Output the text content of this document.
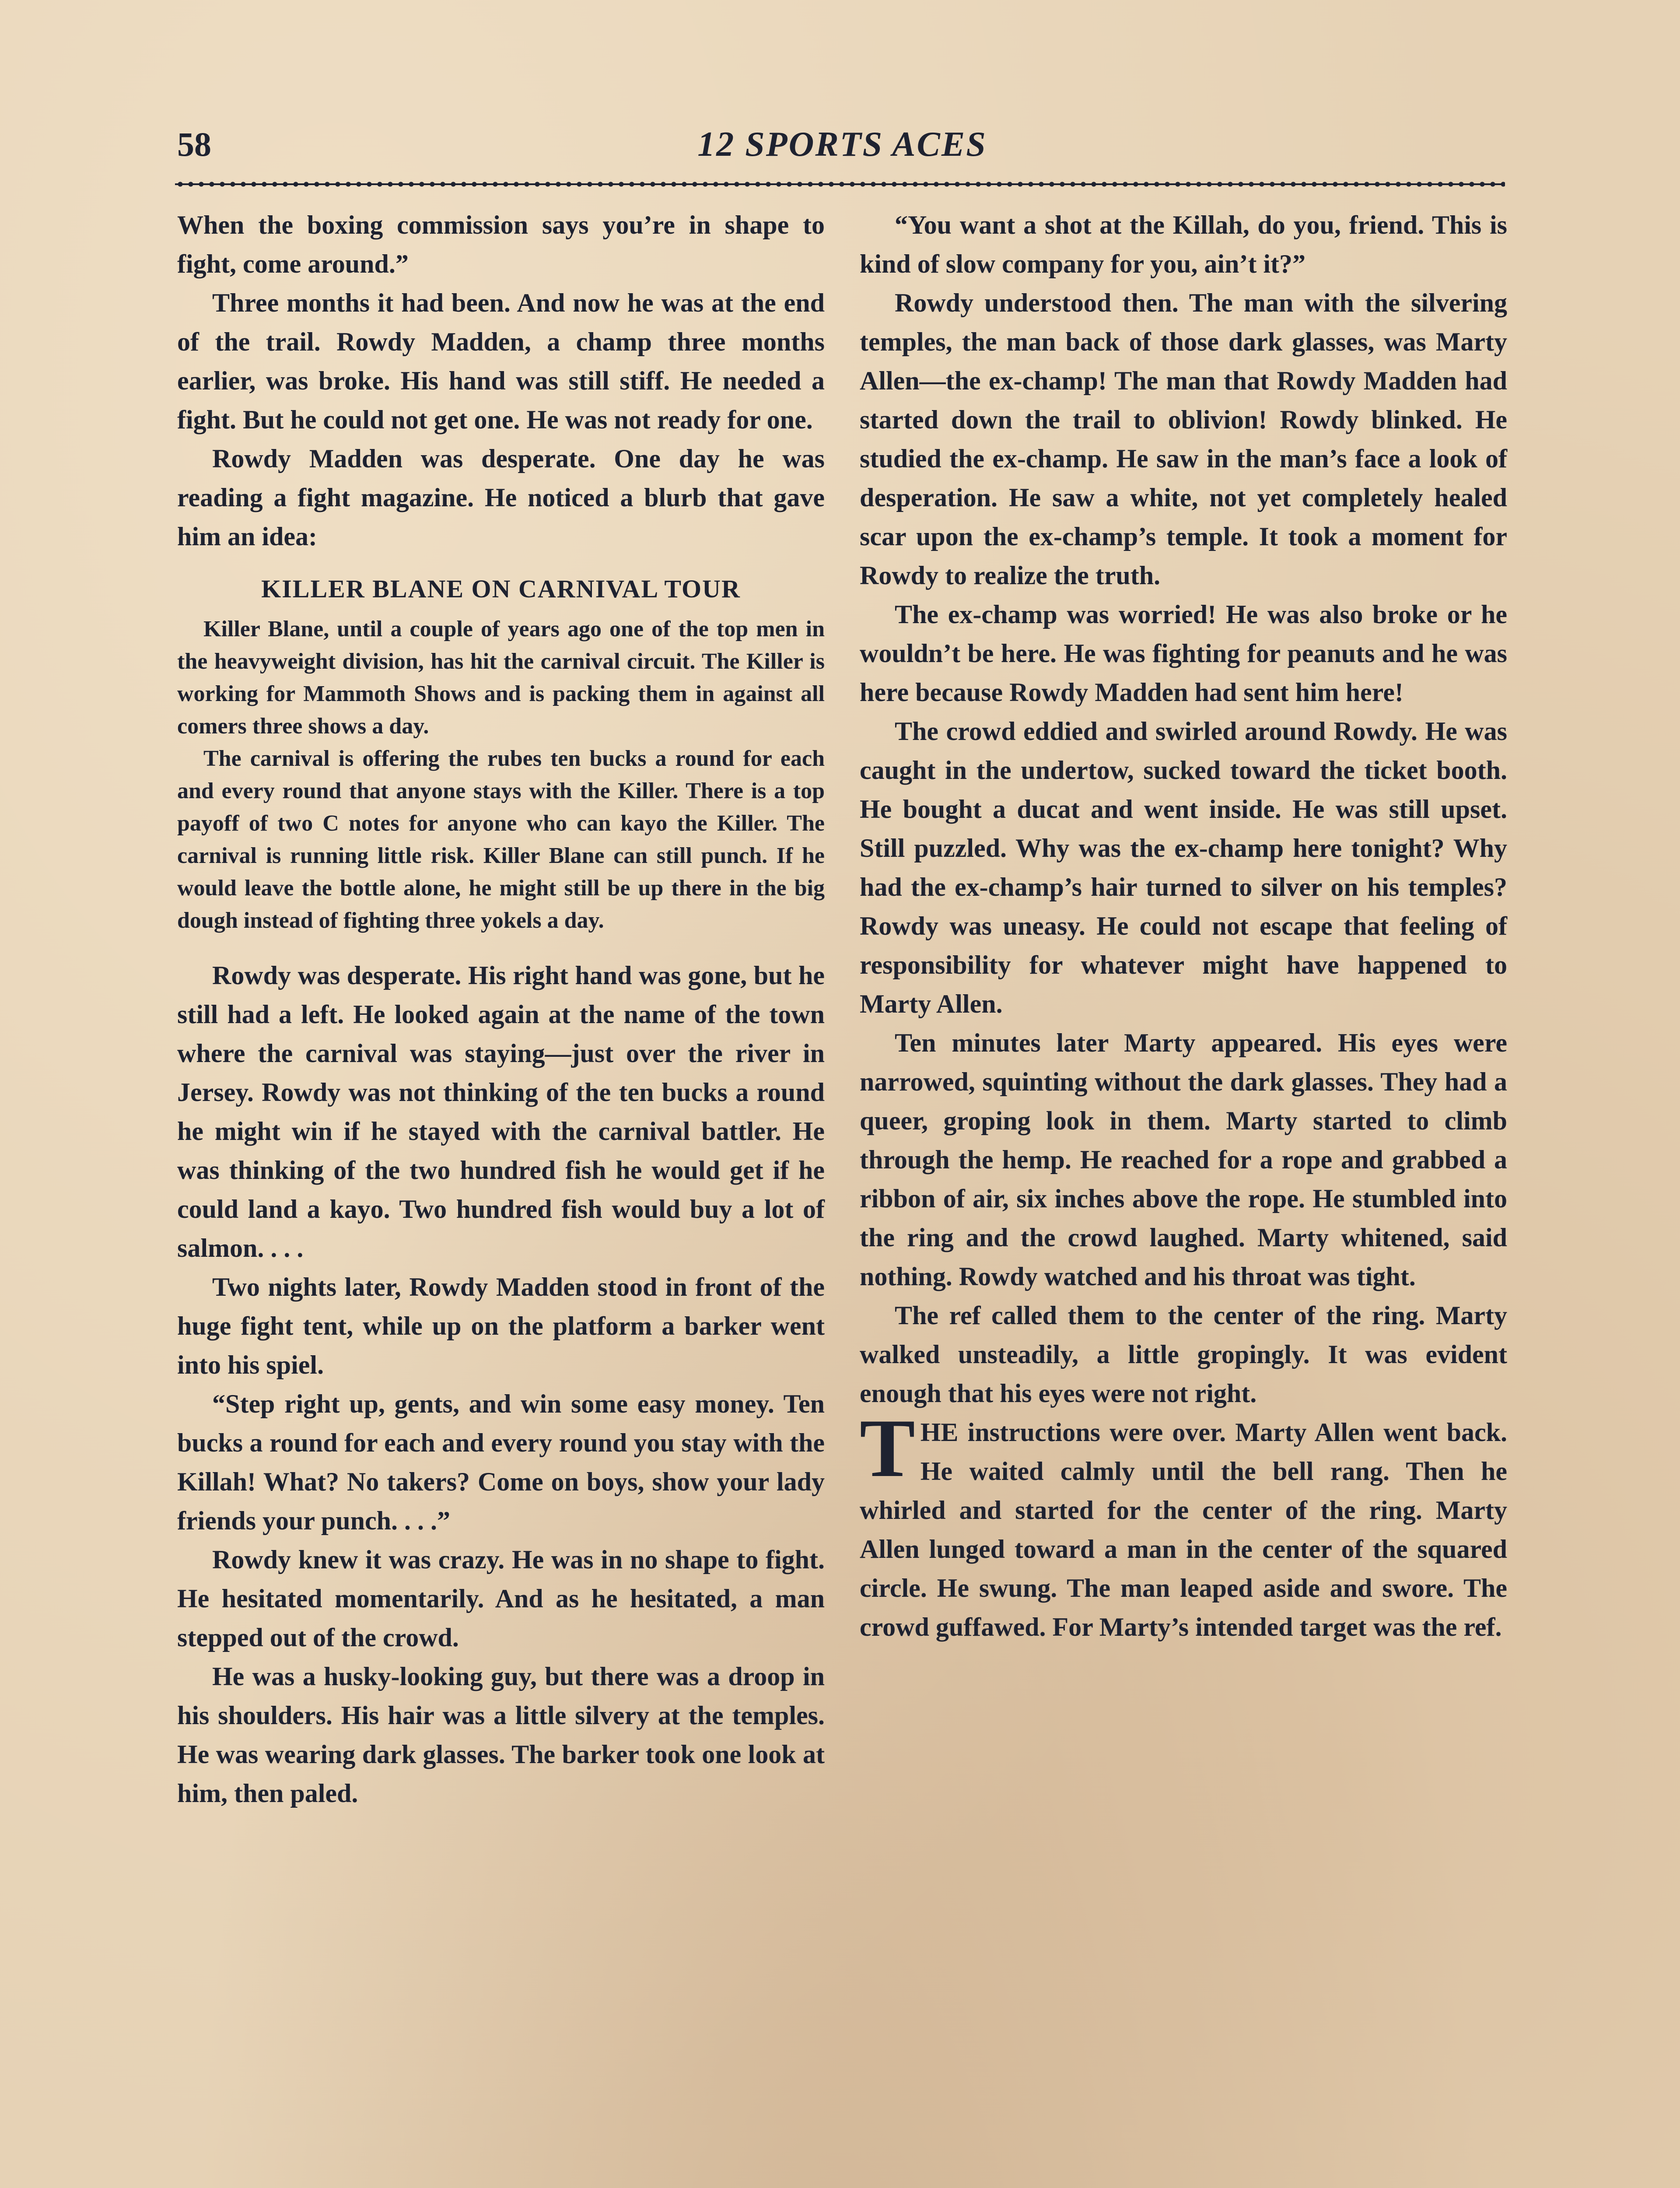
58	12 SPORTS ACES

When the boxing commission says you’re in shape to fight, come around.”

Three months it had been. And now he was at the end of the trail. Rowdy Madden, a champ three months earlier, was broke. His hand was still stiff. He needed a fight. But he could not get one. He was not ready for one.

Rowdy Madden was desperate. One day he was reading a fight magazine. He noticed a blurb that gave him an idea:

KILLER BLANE ON CARNIVAL TOUR

Killer Blane, until a couple of years ago one of the top men in the heavyweight division, has hit the carnival circuit. The Killer is working for Mammoth Shows and is packing them in against all comers three shows a day.

The carnival is offering the rubes ten bucks a round for each and every round that anyone stays with the Killer. There is a top payoff of two C notes for anyone who can kayo the Killer. The carnival is running little risk. Killer Blane can still punch. If he would leave the bottle alone, he might still be up there in the big dough instead of fighting three yokels a day.

Rowdy was desperate. His right hand was gone, but he still had a left. He looked again at the name of the town where the carnival was staying—just over the river in Jersey. Rowdy was not thinking of the ten bucks a round he might win if he stayed with the carnival battler. He was thinking of the two hundred fish he would get if he could land a kayo. Two hundred fish would buy a lot of salmon. . . .

Two nights later, Rowdy Madden stood in front of the huge fight tent, while up on the platform a barker went into his spiel.

“Step right up, gents, and win some easy money. Ten bucks a round for each and every round you stay with the Killah! What? No takers? Come on boys, show your lady friends your punch. . . .”

Rowdy knew it was crazy. He was in no shape to fight. He hesitated momentarily. And as he hesitated, a man stepped out of the crowd.

He was a husky-looking guy, but there was a droop in his shoulders. His hair was a little silvery at the temples. He was wearing dark glasses. The barker took one look at him, then paled.

“You want a shot at the Killah, do you, friend. This is kind of slow company for you, ain’t it?”

Rowdy understood then. The man with the silvering temples, the man back of those dark glasses, was Marty Allen—the ex-champ! The man that Rowdy Madden had started down the trail to oblivion! Rowdy blinked. He studied the ex-champ. He saw in the man’s face a look of desperation. He saw a white, not yet completely healed scar upon the ex-champ’s temple. It took a moment for Rowdy to realize the truth.

The ex-champ was worried! He was also broke or he wouldn’t be here. He was fighting for peanuts and he was here because Rowdy Madden had sent him here!

The crowd eddied and swirled around Rowdy. He was caught in the undertow, sucked toward the ticket booth. He bought a ducat and went inside. He was still upset. Still puzzled. Why was the ex-champ here tonight? Why had the ex-champ’s hair turned to silver on his temples? Rowdy was uneasy. He could not escape that feeling of responsibility for whatever might have happened to Marty Allen.

Ten minutes later Marty appeared. His eyes were narrowed, squinting without the dark glasses. They had a queer, groping look in them. Marty started to climb through the hemp. He reached for a rope and grabbed a ribbon of air, six inches above the rope. He stumbled into the ring and the crowd laughed. Marty whitened, said nothing. Rowdy watched and his throat was tight.

The ref called them to the center of the ring. Marty walked unsteadily, a little gropingly. It was evident enough that his eyes were not right.

THE instructions were over. Marty Allen went back. He waited calmly until the bell rang. Then he whirled and started for the center of the ring. Marty Allen lunged toward a man in the center of the squared circle. He swung. The man leaped aside and swore. The crowd guffawed. For Marty’s intended target was the ref.
